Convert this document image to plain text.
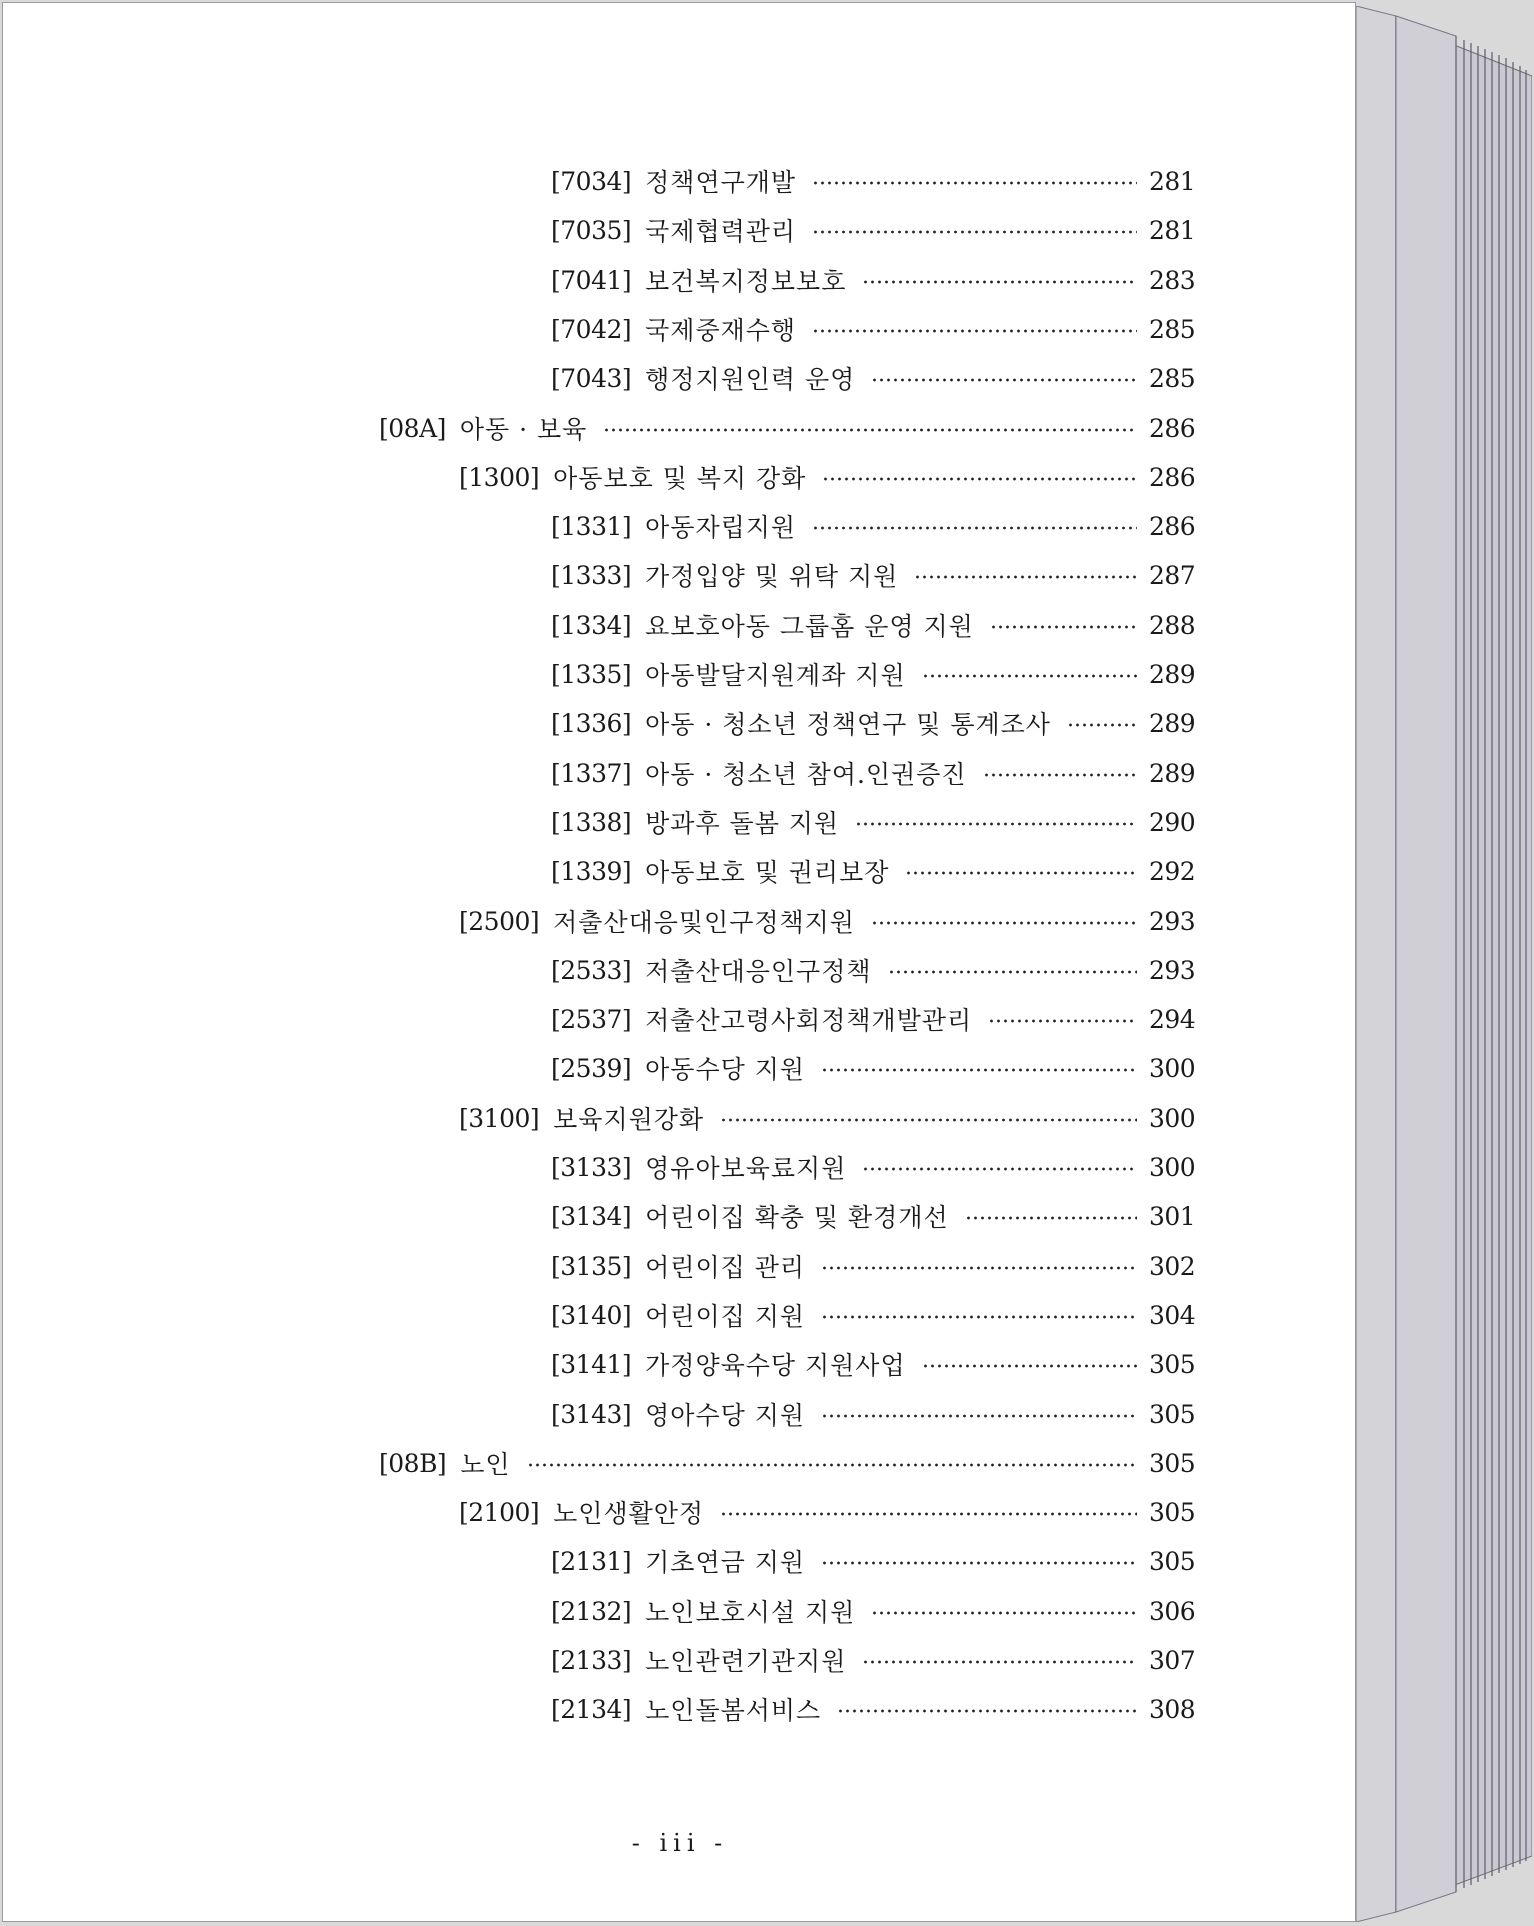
[7034] 정책연구개발	281
[7035] 국제협력관리	281
[7041] 보건복지정보보호	283
[7042] 국제중재수행	285
[7043] 행정지원인력 운영	285
[08A] 아동 · 보육	286
[1300] 아동보호 및 복지 강화	286
[1331] 아동자립지원	286
[1333] 가정입양 및 위탁 지원	287
[1334] 요보호아동 그룹홈 운영 지원	288
[1335] 아동발달지원계좌 지원	289
[1336] 아동 · 청소년 정책연구 및 통계조사	289
[1337] 아동 · 청소년 참여.인권증진	289
[1338] 방과후 돌봄 지원	290
[1339] 아동보호 및 권리보장	292
[2500] 저출산대응및인구정책지원	293
[2533] 저출산대응인구정책	293
[2537] 저출산고령사회정책개발관리	294
[2539] 아동수당 지원	300
[3100] 보육지원강화	300
[3133] 영유아보육료지원	300
[3134] 어린이집 확충 및 환경개선	301
[3135] 어린이집 관리	302
[3140] 어린이집 지원	304
[3141] 가정양육수당 지원사업	305
[3143] 영아수당 지원	305
[08B] 노인	305
[2100] 노인생활안정	305
[2131] 기초연금 지원	305
[2132] 노인보호시설 지원	306
[2133] 노인관련기관지원	307
[2134] 노인돌봄서비스	308
- iii -
